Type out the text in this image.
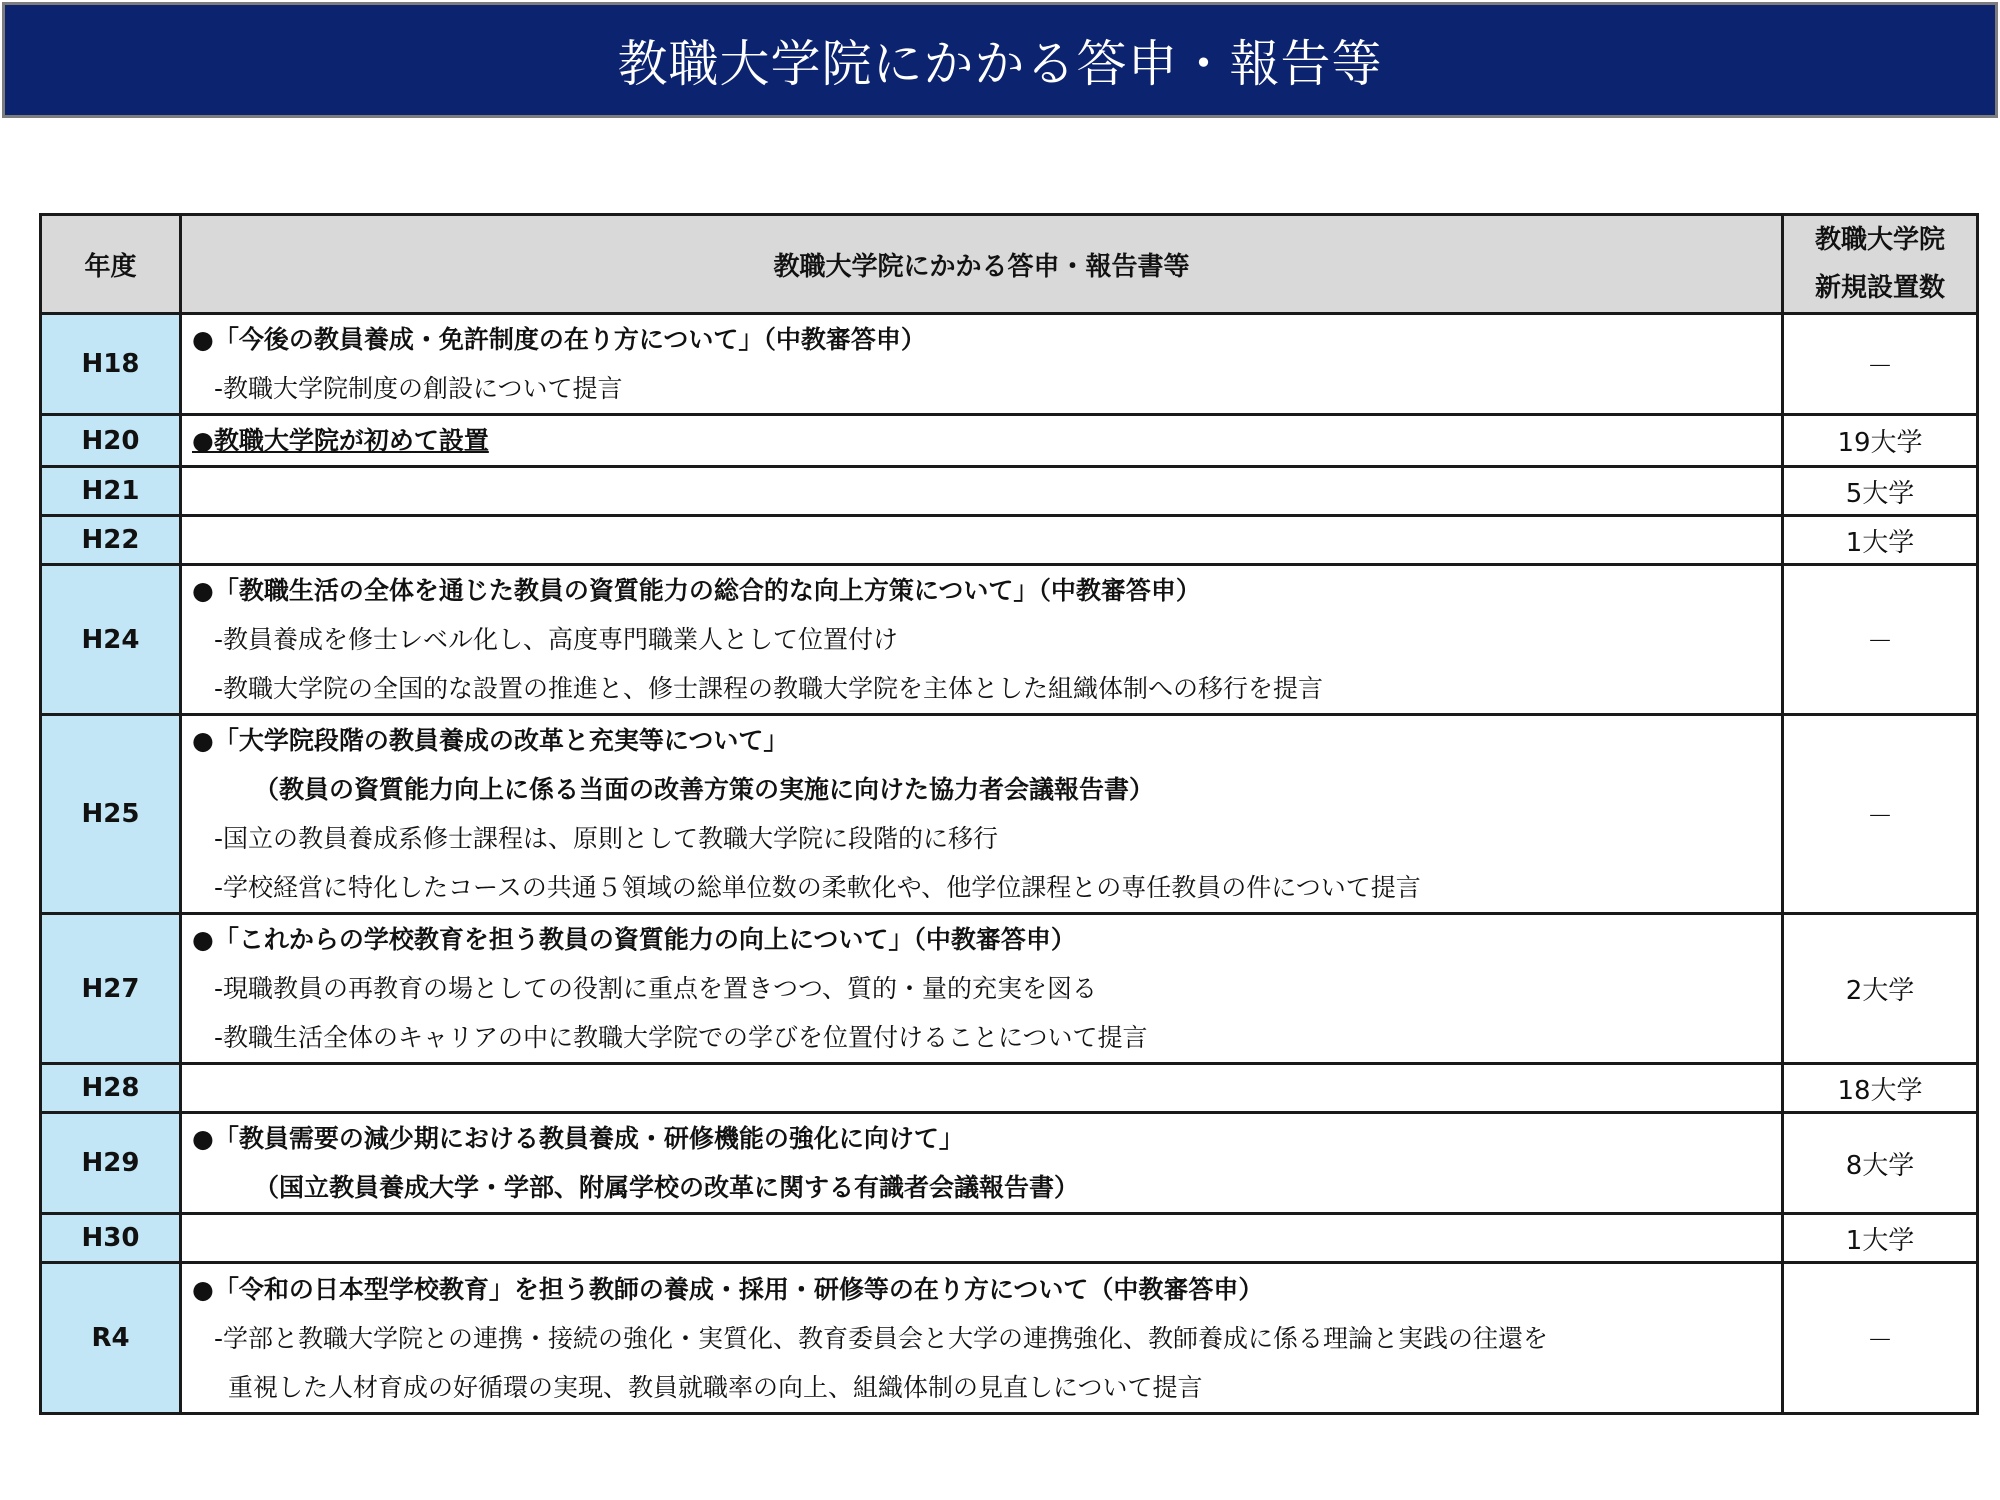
教職大学院にかかる答申・報告等
年度	教職大学院にかかる答申・報告書等	教職大学院
新規設置数

H18	●「今後の教員養成・免許制度の在り方について」（中教審答申）
-教職大学院制度の創設について提言	－
H20	●教職大学院が初めて設置	19大学
H21		5大学
H22		1大学
H24	●「教職生活の全体を通じた教員の資質能力の総合的な向上方策について」（中教審答申）
-教員養成を修士レベル化し、高度専門職業人として位置付け
-教職大学院の全国的な設置の推進と、修士課程の教職大学院を主体とした組織体制への移行を提言	－
H25	●「大学院段階の教員養成の改革と充実等について」
（教員の資質能力向上に係る当面の改善方策の実施に向けた協力者会議報告書）
-国立の教員養成系修士課程は、原則として教職大学院に段階的に移行
-学校経営に特化したコースの共通５領域の総単位数の柔軟化や、他学位課程との専任教員の件について提言	－
H27	●「これからの学校教育を担う教員の資質能力の向上について」（中教審答申）
-現職教員の再教育の場としての役割に重点を置きつつ、質的・量的充実を図る
-教職生活全体のキャリアの中に教職大学院での学びを位置付けることについて提言	2大学
H28		18大学
H29	●「教員需要の減少期における教員養成・研修機能の強化に向けて」
（国立教員養成大学・学部、附属学校の改革に関する有識者会議報告書）	8大学
H30		1大学
R4	●「令和の日本型学校教育」を担う教師の養成・採用・研修等の在り方について（中教審答申）
-学部と教職大学院との連携・接続の強化・実質化、教育委員会と大学の連携強化、教師養成に係る理論と実践の往還を
重視した人材育成の好循環の実現、教員就職率の向上、組織体制の見直しについて提言	－
